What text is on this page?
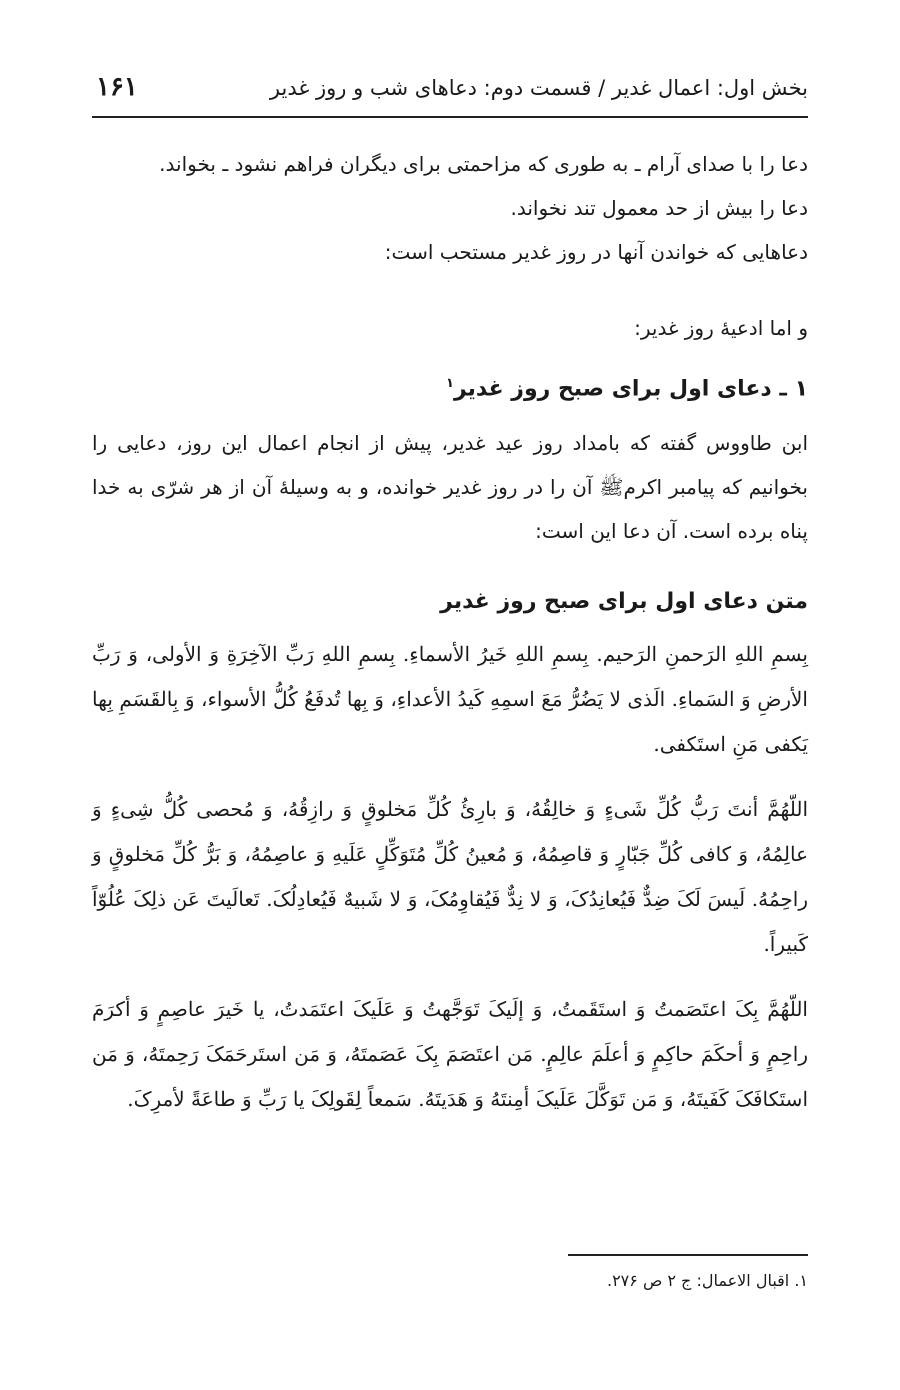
بخش اول: اعمال غدیر / قسمت دوم: دعاهای شب و روز غدیر
۱۶۱
دعا را با صدای آرام ـ به طوری که مزاحمتی برای دیگران فراهم نشود ـ بخواند.
دعا را بیش از حد معمول تند نخواند.
دعاهایی که خواندن آنها در روز غدیر مستحب است:
و اما ادعیهٔ روز غدیر:
۱ ـ دعای اول برای صبح روز غدیر$^۱$
ابن طاووس گفته که بامداد روز عید غدیر، پیش از انجام اعمال این روز، دعایی را بخوانیم که پیامبر اکرمﷺ آن را در روز غدیر خوانده، و به وسیلهٔ آن از هر شرّی به خدا پناه برده است. آن دعا این است:
متن دعای اول برای صبح روز غدیر
بِسمِ اللهِ الرَحمنِ الرَحیم. بِسمِ اللهِ خَیرُ الأسماءِ. بِسمِ اللهِ رَبِّ الآخِرَةِ وَ الأولی، وَ رَبِّ الأرضِ وَ السَماءِ. الَذی لا یَضُرُّ مَعَ اسمِهِ کَیدُ الأعداءِ، وَ بِها تُدفَعُ کُلُّ الأسواء، وَ بِالقَسَمِ بِها یَکفی مَنِ استَکفی.
اللّهُمَّ أنتَ رَبُّ کُلِّ شَیءٍ وَ خالِقُهُ، وَ بارِئُ کُلِّ مَخلوقٍ وَ رازِقُهُ، وَ مُحصی کُلُّ شِیءٍ وَ عالِمُهُ، وَ کافی کُلِّ جَبّارٍ وَ قاصِمُهُ، وَ مُعینُ کُلِّ مُتَوَکِّلٍ عَلَیهِ وَ عاصِمُهُ، وَ بَرُّ کُلِّ مَخلوقٍ وَ راحِمُهُ. لَیسَ لَکَ ضِدٌّ فَیُعانِدُکَ، وَ لا نِدٌّ فَیُقاوِمُکَ، وَ لا شَبیهٌ فَیُعادِلُکَ. تَعالَیتَ عَن ذلِکَ عُلُوّاً کَبیراً.
اللّهُمَّ بِکَ اعتَصَمتُ وَ استَقَمتُ، وَ إلَیکَ تَوَجَّهتُ وَ عَلَیکَ اعتَمَدتُ، یا خَیرَ عاصِمٍ وَ أکرَمَ راحِمٍ وَ أحکَمَ حاکِمٍ وَ أعلَمَ عالِمٍ. مَن اعتَصَمَ بِکَ عَصَمتَهُ، وَ مَن استَرحَمَکَ رَحِمتَهُ، وَ مَن استَکافَکَ کَفَیتَهُ، وَ مَن تَوَکَّلَ عَلَیکَ أمِنتَهُ وَ هَدَیتَهُ. سَمعاً لِقَولِکَ یا رَبِّ وَ طاعَةً لأمرِکَ.
۱. اقبال الاعمال: ج ۲ ص ۲۷۶.
